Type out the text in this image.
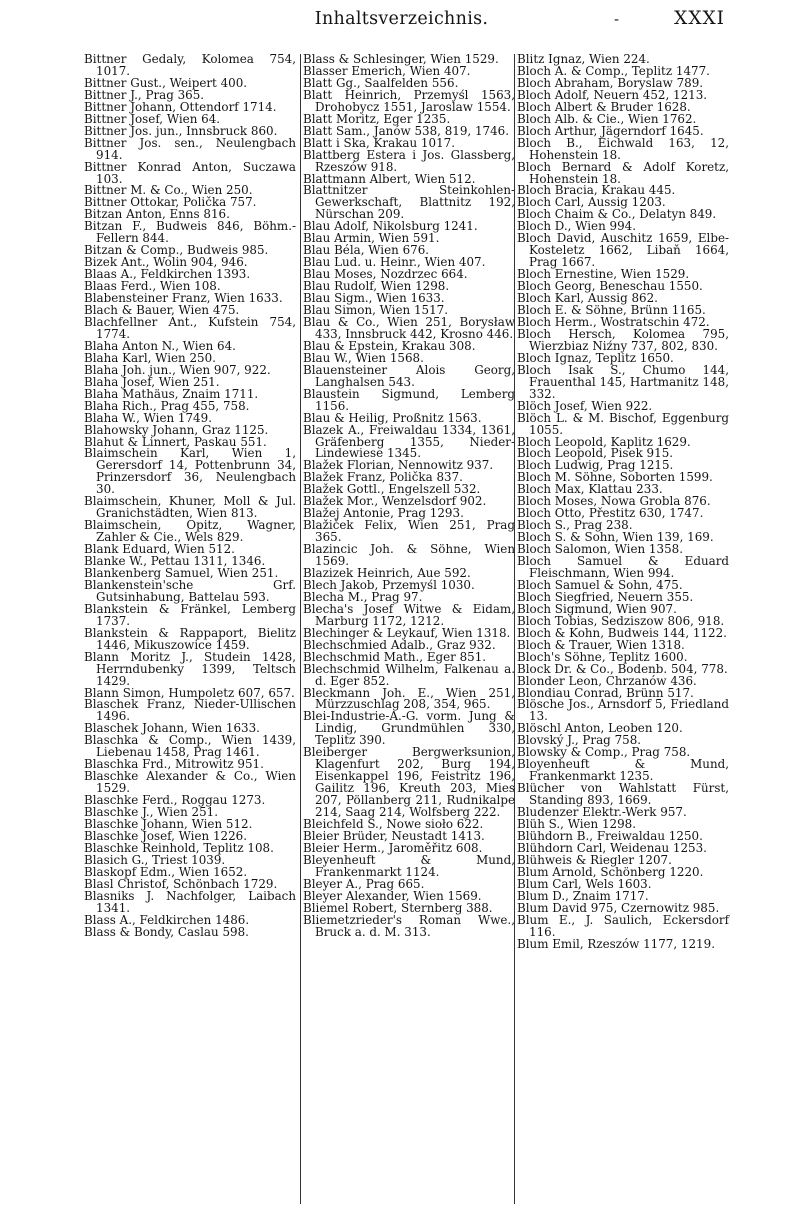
Inhaltsverzeichnis.	-	XXXI

Bittner Gedaly, Kolomea 754, 1017.

Bittner Gust., Weipert 400.

Bittner J., Prag 365.

Bittner Johann, Ottendorf 1714.

Bittner Josef, Wien 64.

Bittner Jos. jun., Innsbruck 860.

Bittner Jos. sen., Neulengbach 914.

Bittner Konrad Anton, Suczawa 103.

Bittner M. & Co., Wien 250.

Bittner Ottokar, Polička 757.

Bitzan Anton, Enns 816.

Bitzan F., Budweis 846, Böhm.-Fellern 844.

Bitzan & Comp., Budweis 985.

Bizek Ant., Wolin 904, 946.

Blaas A., Feldkirchen 1393.

Blaas Ferd., Wien 108.

Blabensteiner Franz, Wien 1633.

Blach & Bauer, Wien 475.

Blachfellner Ant., Kufstein 754, 1774.

Blaha Anton N., Wien 64.

Blaha Karl, Wien 250.

Blaha Joh. jun., Wien 907, 922.

Blaha Josef, Wien 251.

Blaha Mathäus, Znaim 1711.

Blaha Rich., Prag 455, 758.

Blaha W., Wien 1749.

Blahowsky Johann, Graz 1125.

Blahut & Linnert, Paskau 551.

Blaimschein Karl, Wien 1, Gerersdorf 14, Pottenbrunn 34, Prinzersdorf 36, Neulengbach 30.

Blaimschein, Khuner, Moll & Jul. Granichstädten, Wien 813.

Blaimschein, Opitz, Wagner, Zahler & Cie., Wels 829.

Blank Eduard, Wien 512.

Blanke W., Pettau 1311, 1346.

Blankenberg Samuel, Wien 251.

Blankenstein'sche Grf. Gutsinhabung, Battelau 593.

Blankstein & Fränkel, Lemberg 1737.

Blankstein & Rappaport, Bielitz 1446, Mikuszowice 1459.

Blann Moritz J., Studein 1428, Herrndubenky 1399, Teltsch 1429.

Blann Simon, Humpoletz 607, 657.

Blaschek Franz, Nieder-Ullischen 1496.

Blaschek Johann, Wien 1633.

Blaschka & Comp., Wien 1439, Liebenau 1458, Prag 1461.

Blaschka Frd., Mitrowitz 951.

Blaschke Alexander & Co., Wien 1529.

Blaschke Ferd., Roggau 1273.

Blaschke J., Wien 251.

Blaschke Johann, Wien 512.

Blaschke Josef, Wien 1226.

Blaschke Reinhold, Teplitz 108.

Blasich G., Triest 1039.

Blaskopf Edm., Wien 1652.

Blasl Christof, Schönbach 1729.

Blasniks J. Nachfolger, Laibach 1341.

Blass A., Feldkirchen 1486.

Blass & Bondy, Caslau 598.

Blass & Schlesinger, Wien 1529.

Blasser Emerich, Wien 407.

Blatt Gg., Saalfelden 556.

Blatt Heinrich, Przemyśl 1563, Drohobycz 1551, Jaroslaw 1554.

Blatt Moritz, Eger 1235.

Blatt Sam., Janów 538, 819, 1746.

Blatt i Ska, Krakau 1017.

Blattberg Estera i Jos. Glassberg, Rzeszów 918.

Blattmann Albert, Wien 512.

Blattnitzer Steinkohlen-Gewerkschaft, Blattnitz 192, Nürschan 209.

Blau Adolf, Nikolsburg 1241.

Blau Armin, Wien 591.

Blau Béla, Wien 676.

Blau Lud. u. Heinr., Wien 407.

Blau Moses, Nozdrzec 664.

Blau Rudolf, Wien 1298.

Blau Sigm., Wien 1633.

Blau Simon, Wien 1517.

Blau & Co., Wien 251, Borysław 433, Innsbruck 442, Krosno 446.

Blau & Epstein, Krakau 308.

Blau W., Wien 1568.

Blauensteiner Alois Georg, Langhalsen 543.

Blaustein Sigmund, Lemberg 1156.

Blau & Heilig, Proßnitz 1563.

Blazek A., Freiwaldau 1334, 1361, Gräfenberg 1355, Nieder-Lindewiese 1345.

Blažek Florian, Nennowitz 937.

Blažek Franz, Polička 837.

Blažek Gottl., Engelszell 532.

Blažek Mor., Wenzelsdorf 902.

Blažej Antonie, Prag 1293.

Blažiček Felix, Wien 251, Prag 365.

Blazincic Joh. & Söhne, Wien 1569.

Blazizek Heinrich, Aue 592.

Blech Jakob, Przemyśl 1030.

Blecha M., Prag 97.

Blecha's Josef Witwe & Eidam, Marburg 1172, 1212.

Blechinger & Leykauf, Wien 1318.

Blechschmied Adalb., Graz 932.

Blechschmid Math., Eger 851.

Blechschmid Wilhelm, Falkenau a. d. Eger 852.

Bleckmann Joh. E., Wien 251, Mürzzuschlag 208, 354, 965.

Blei-Industrie-A.-G. vorm. Jung & Lindig, Grundmühlen 330, Teplitz 390.

Bleiberger Bergwerksunion, Klagenfurt 202, Burg 194, Eisenkappel 196, Feistritz 196, Gailitz 196, Kreuth 203, Mies 207, Pöllanberg 211, Rudnikalpe 214, Saag 214, Wolfsberg 222.

Bleichfeld S., Nowe sioło 622.

Bleier Brüder, Neustadt 1413.

Bleier Herm., Jaroměřitz 608.

Bleyenheuft & Mund, Frankenmarkt 1124.

Bleyer A., Prag 665.

Bleyer Alexander, Wien 1569.

Bliemel Robert, Sternberg 388.

Bliemetzrieder's Roman Wwe., Bruck a. d. M. 313.

Blitz Ignaz, Wien 224.

Bloch A. & Comp., Teplitz 1477.

Bloch Abraham, Boryslaw 789.

Bloch Adolf, Neuern 452, 1213.

Bloch Albert & Bruder 1628.

Bloch Alb. & Cie., Wien 1762.

Bloch Arthur, Jägerndorf 1645.

Bloch B., Eichwald 163, 12, Hohenstein 18.

Bloch Bernard & Adolf Koretz, Hohenstein 18.

Bloch Bracia, Krakau 445.

Bloch Carl, Aussig 1203.

Bloch Chaim & Co., Delatyn 849.

Bloch D., Wien 994.

Bloch David, Auschitz 1659, Elbe-Kosteletz 1662, Libaň 1664, Prag 1667.

Bloch Ernestine, Wien 1529.

Bloch Georg, Beneschau 1550.

Bloch Karl, Aussig 862.

Bloch E. & Söhne, Brünn 1165.

Bloch Herm., Wostratschin 472.

Bloch Hersch, Kolomea 795, Wierzbiaz Niźny 737, 802, 830.

Bloch Ignaz, Teplitz 1650.

Bloch Isak S., Chumo 144, Frauenthal 145, Hartmanitz 148, 332.

Blöch Josef, Wien 922.

Blöch L. & M. Bischof, Eggenburg 1055.

Bloch Leopold, Kaplitz 1629.

Bloch Leopold, Pisek 915.

Bloch Ludwig, Prag 1215.

Bloch M. Söhne, Soborten 1599.

Bloch Max, Klattau 233.

Bloch Moses, Nowa Grobla 876.

Bloch Otto, Přestitz 630, 1747.

Bloch S., Prag 238.

Bloch S. & Sohn, Wien 139, 169.

Bloch Salomon, Wien 1358.

Bloch Samuel & Eduard Fleischmann, Wien 994.

Bloch Samuel & Sohn, 475.

Bloch Siegfried, Neuern 355.

Bloch Sigmund, Wien 907.

Bloch Tobias, Sedziszow 806, 918.

Bloch & Kohn, Budweis 144, 1122.

Bloch & Trauer, Wien 1318.

Bloch's Söhne, Teplitz 1600.

Block Dr. & Co., Bodenb. 504, 778.

Blonder Leon, Chrzanów 436.

Blondiau Conrad, Brünn 517.

Blösche Jos., Arnsdorf 5, Friedland 13.

Blöschl Anton, Leoben 120.

Blovský J., Prag 758.

Blowsky & Comp., Prag 758.

Bloyenheuft & Mund, Frankenmarkt 1235.

Blücher von Wahlstatt Fürst, Standing 893, 1669.

Bludenzer Elektr.-Werk 957.

Blüh S., Wien 1298.

Blühdorn B., Freiwaldau 1250.

Blühdorn Carl, Weidenau 1253.

Blühweis & Riegler 1207.

Blum Arnold, Schönberg 1220.

Blum Carl, Wels 1603.

Blum D., Znaim 1717.

Blum David 975, Czernowitz 985.

Blum E., J. Saulich, Eckersdorf 116.

Blum Emil, Rzeszów 1177, 1219.
